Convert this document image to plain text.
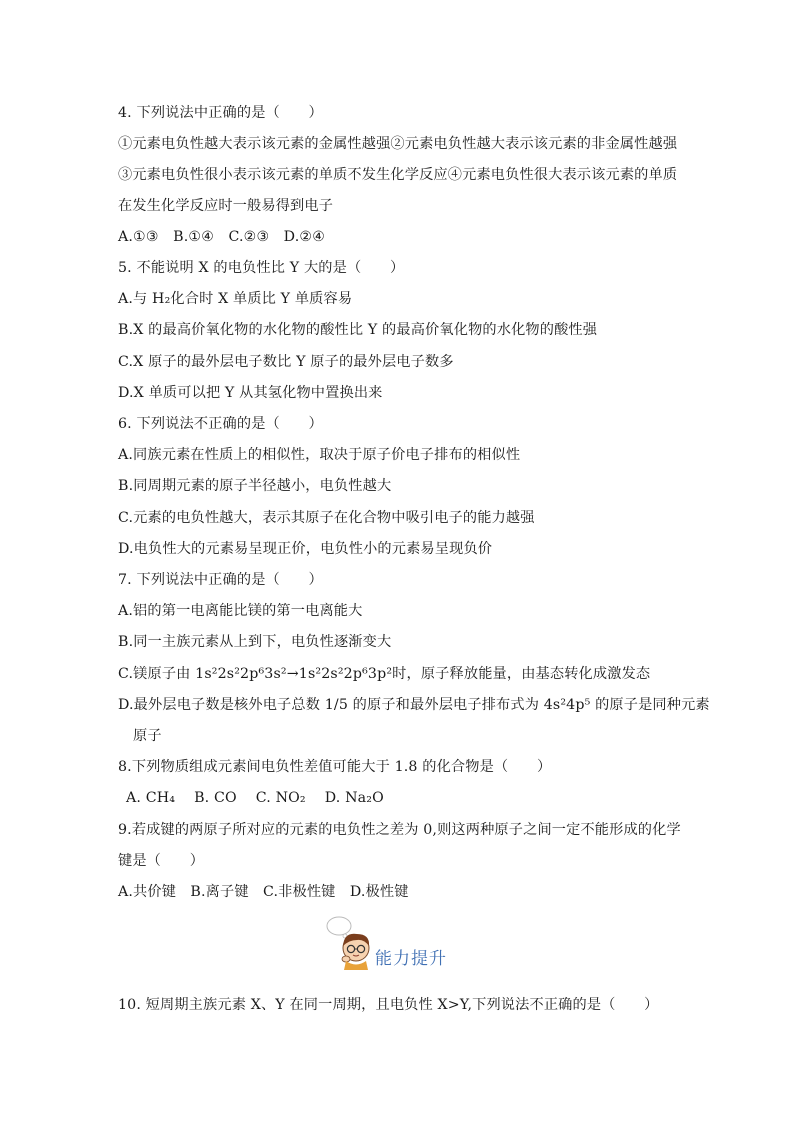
4. 下列说法中正确的是（　　）
①元素电负性越大表示该元素的金属性越强②元素电负性越大表示该元素的非金属性越强
③元素电负性很小表示该元素的单质不发生化学反应④元素电负性很大表示该元素的单质
在发生化学反应时一般易得到电子
A.①③　B.①④　C.②③　D.②④
5. 不能说明 X 的电负性比 Y 大的是（　　）
A.与 H₂化合时 X 单质比 Y 单质容易
B.X 的最高价氧化物的水化物的酸性比 Y 的最高价氧化物的水化物的酸性强
C.X 原子的最外层电子数比 Y 原子的最外层电子数多
D.X 单质可以把 Y 从其氢化物中置换出来
6. 下列说法不正确的是（　　）
A.同族元素在性质上的相似性，取决于原子价电子排布的相似性
B.同周期元素的原子半径越小，电负性越大
C.元素的电负性越大，表示其原子在化合物中吸引电子的能力越强
D.电负性大的元素易呈现正价，电负性小的元素易呈现负价
7. 下列说法中正确的是（　　）
A.铝的第一电离能比镁的第一电离能大
B.同一主族元素从上到下，电负性逐渐变大
C.镁原子由 1s²2s²2p⁶3s²→1s²2s²2p⁶3p²时，原子释放能量，由基态转化成激发态
D.最外层电子数是核外电子总数 1/5 的原子和最外层电子排布式为 4s²4p⁵ 的原子是同种元素
原子
8.下列物质组成元素间电负性差值可能大于 1.8 的化合物是（　　）
A. CH₄　 B. CO　 C. NO₂　 D. Na₂O
9.若成键的两原子所对应的元素的电负性之差为 0,则这两种原子之间一定不能形成的化学
键是（　　）
A.共价键　B.离子键　C.非极性键　D.极性键
能力提升
10. 短周期主族元素 X、Y 在同一周期，且电负性 X>Y,下列说法不正确的是（　　）
